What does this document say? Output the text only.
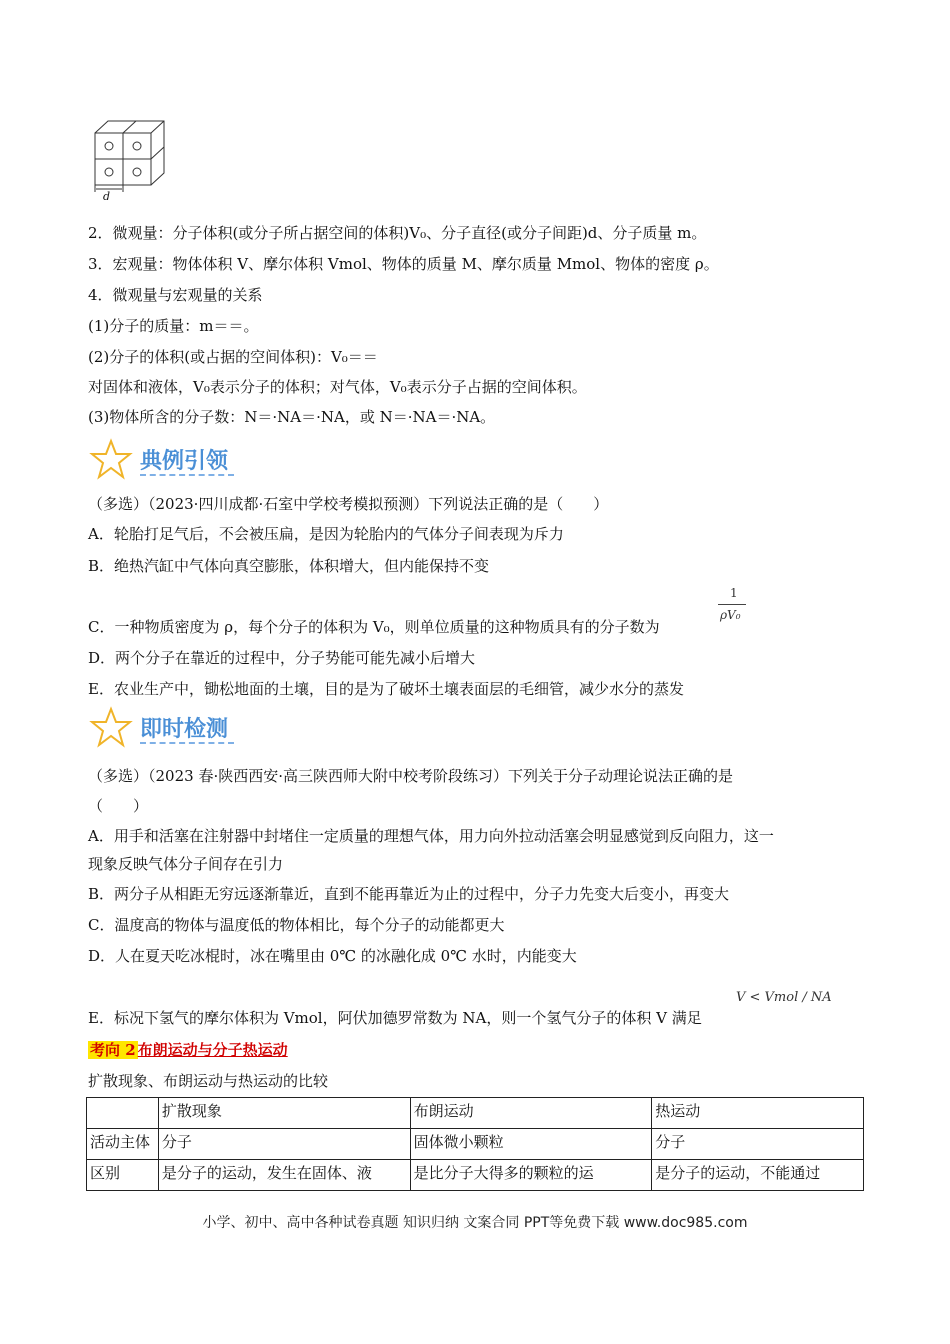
d
2．微观量：分子体积(或分子所占据空间的体积)V₀、分子直径(或分子间距)d、分子质量 m。
3．宏观量：物体体积 V、摩尔体积 Vmol、物体的质量 M、摩尔质量 Mmol、物体的密度 ρ。
4．微观量与宏观量的关系
(1)分子的质量：m＝＝。
(2)分子的体积(或占据的空间体积)：V₀＝＝
对固体和液体，V₀表示分子的体积；对气体，V₀表示分子占据的空间体积。
(3)物体所含的分子数：N＝·NA＝·NA，或 N＝·NA＝·NA。
典例引领
（多选）（2023·四川成都·石室中学校考模拟预测）下列说法正确的是（　　）
A．轮胎打足气后，不会被压扁，是因为轮胎内的气体分子间表现为斥力
B．绝热汽缸中气体向真空膨胀，体积增大，但内能保持不变
C．一种物质密度为 ρ，每个分子的体积为 V₀，则单位质量的这种物质具有的分子数为
1
ρV₀
D．两个分子在靠近的过程中，分子势能可能先减小后增大
E．农业生产中，锄松地面的土壤，目的是为了破坏土壤表面层的毛细管，减少水分的蒸发
即时检测
（多选）（2023 春·陕西西安·高三陕西师大附中校考阶段练习）下列关于分子动理论说法正确的是
（　　）
A．用手和活塞在注射器中封堵住一定质量的理想气体，用力向外拉动活塞会明显感觉到反向阻力，这一
现象反映气体分子间存在引力
B．两分子从相距无穷远逐渐靠近，直到不能再靠近为止的过程中，分子力先变大后变小，再变大
C．温度高的物体与温度低的物体相比，每个分子的动能都更大
D．人在夏天吃冰棍时，冰在嘴里由 0℃ 的冰融化成 0℃ 水时，内能变大
E．标况下氢气的摩尔体积为 Vmol，阿伏加德罗常数为 NA，则一个氢气分子的体积 V 满足
V < Vmol / NA
考向 2 布朗运动与分子热运动
扩散现象、布朗运动与热运动的比较
	扩散现象	布朗运动	热运动
活动主体	分子	固体微小颗粒	分子
区别	是分子的运动，发生在固体、液	是比分子大得多的颗粒的运	是分子的运动，不能通过
小学、初中、高中各种试卷真题 知识归纳 文案合同 PPT等免费下载 www.doc985.com
